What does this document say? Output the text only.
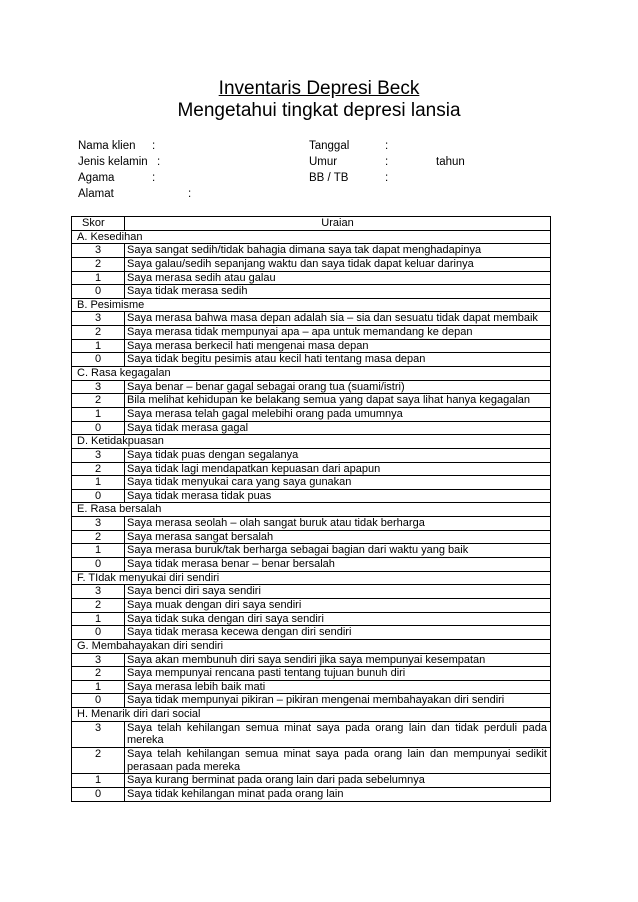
Inventaris Depresi Beck
Mengetahui tingkat depresi lansia
Nama klien :
Jenis kelamin :
Agama	:
Alamat	:
Tanggal	:
Umur	:	tahun
BB / TB	:
Skor	Uraian
A. Kesedihan	
3	Saya sangat sedih/tidak bahagia dimana saya tak dapat menghadapinya
2	Saya galau/sedih sepanjang waktu dan saya tidak dapat keluar darinya
1	Saya merasa sedih atau galau
0	Saya tidak merasa sedih
B. Pesimisme	
3	Saya merasa bahwa masa depan adalah sia – sia dan sesuatu tidak dapat membaik
2	Saya merasa tidak mempunyai apa – apa untuk memandang ke depan
1	Saya merasa berkecil hati mengenai masa depan
0	Saya tidak begitu pesimis atau kecil hati tentang masa depan
C. Rasa kegagalan	
3	Saya benar – benar gagal sebagai orang tua (suami/istri)
2	Bila melihat kehidupan ke belakang semua yang dapat saya lihat hanya kegagalan
1	Saya merasa telah gagal melebihi orang pada umumnya
0	Saya tidak merasa gagal
D. Ketidakpuasan	
3	Saya tidak puas dengan segalanya
2	Saya tidak lagi mendapatkan kepuasan dari apapun
1	Saya tidak menyukai cara yang saya gunakan
0	Saya tidak merasa tidak puas
E. Rasa bersalah	
3	Saya merasa seolah – olah sangat buruk atau tidak berharga
2	Saya merasa sangat bersalah
1	Saya merasa buruk/tak berharga sebagai bagian dari waktu yang baik
0	Saya tidak merasa benar – benar bersalah
F. TIdak menyukai diri sendiri	
3	Saya benci diri saya sendiri
2	Saya muak dengan diri saya sendiri
1	Saya tidak suka dengan diri saya sendiri
0	Saya tidak merasa kecewa dengan diri sendiri
G. Membahayakan diri sendiri	
3	Saya akan membunuh diri saya sendiri jika saya mempunyai kesempatan
2	Saya mempunyai rencana pasti tentang tujuan bunuh diri
1	Saya merasa lebih baik mati
0	Saya tidak mempunyai pikiran – pikiran mengenai membahayakan diri sendiri
H. Menarik diri dari social	
3	Saya telah kehilangan semua minat saya pada orang lain dan tidak perduli pada mereka
2	Saya telah kehilangan semua minat saya pada orang lain dan mempunyai sedikit perasaan pada mereka
1	Saya kurang berminat pada orang lain dari pada sebelumnya
0	Saya tidak kehilangan minat pada orang lain
